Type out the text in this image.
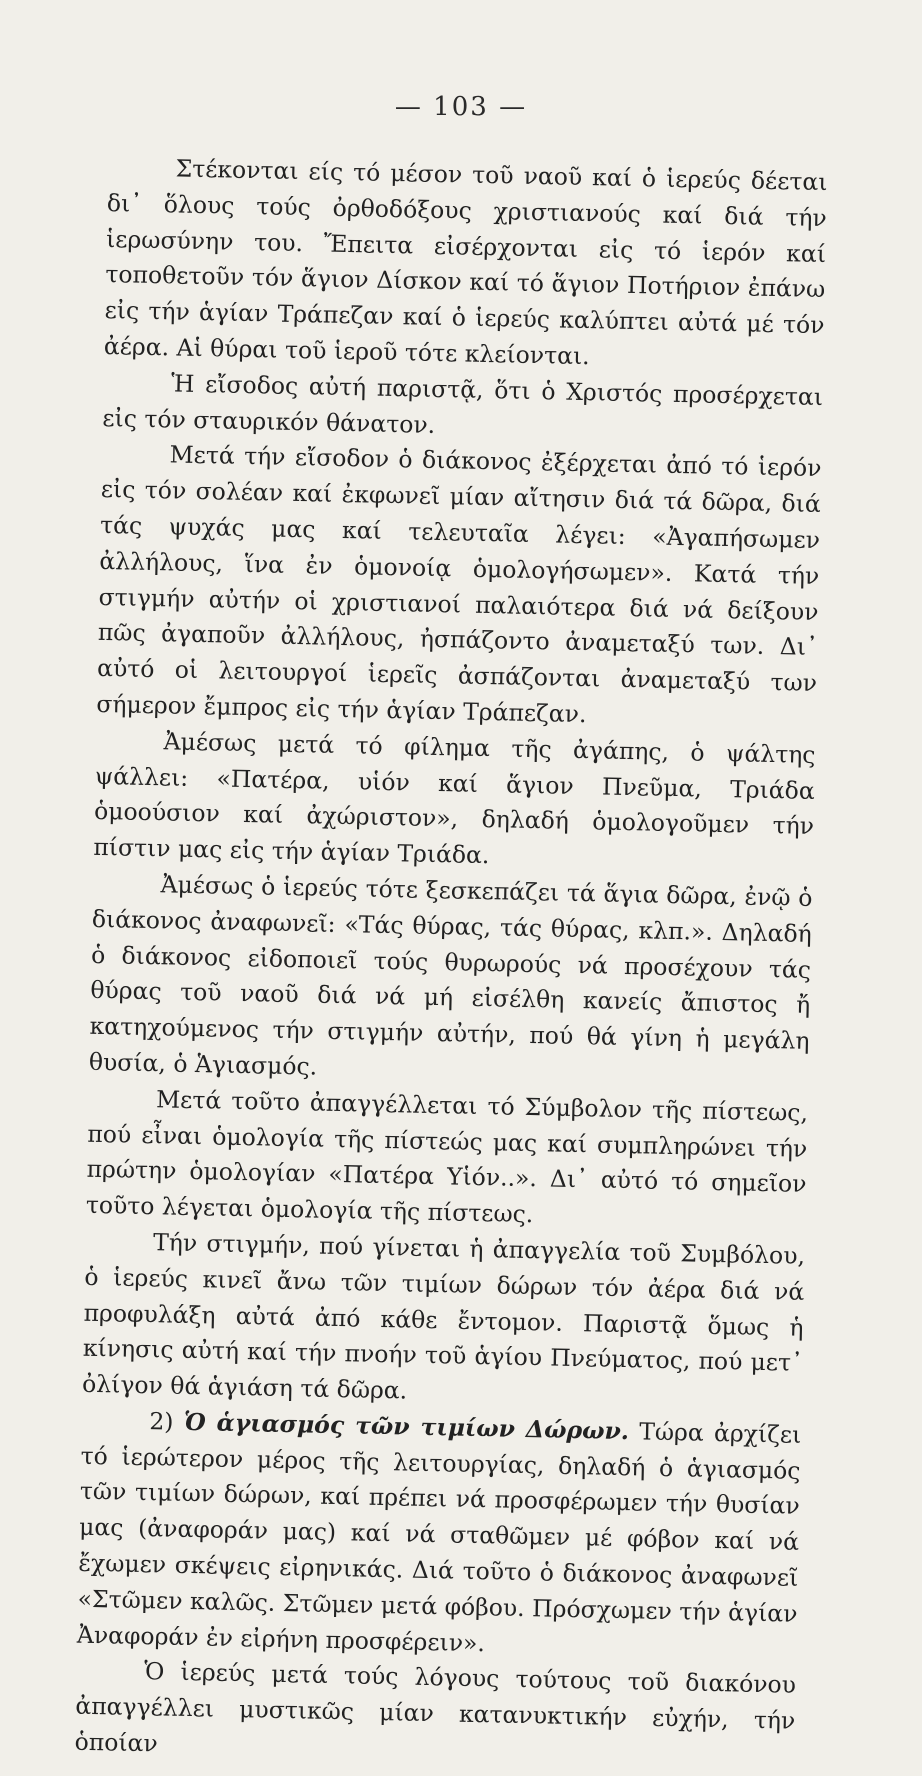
— 103 —

Στέκονται είς τό μέσον τοῦ ναοῦ καί ὁ ἱερεύς δέεται δι᾽ ὅλους τούς ὀρθοδόξους χριστιανούς καί διά τήν ἱερωσύνην του. Ἔπειτα εἰσέρχονται εἰς τό ἱερόν καί τοποθετοῦν τόν ἅγιον Δίσκον καί τό ἅγιον Ποτήριον ἐπάνω εἰς τήν ἁγίαν Τράπεζαν καί ὁ ἱερεύς καλύπτει αὐτά μέ τόν ἀέρα. Αἱ θύραι τοῦ ἱεροῦ τότε κλείονται.

Ἡ εἴσοδος αὐτή παριστᾷ, ὅτι ὁ Χριστός προσέρχεται εἰς τόν σταυρικόν θάνατον.

Μετά τήν εἴσοδον ὁ διάκονος ἐξέρχεται ἀπό τό ἱερόν εἰς τόν σολέαν καί ἐκφωνεῖ μίαν αἴτησιν διά τά δῶρα, διά τάς ψυχάς μας καί τελευταῖα λέγει: «Ἀγαπήσωμεν ἀλλήλους, ἵνα ἐν ὁμονοίᾳ ὁμολογήσωμεν». Κατά τήν στιγμήν αὐτήν οἱ χριστιανοί παλαιότερα διά νά δείξουν πῶς ἀγαποῦν ἀλλήλους, ἠσπάζοντο ἀναμεταξύ των. Δι᾽ αὐτό οἱ λειτουργοί ἱερεῖς ἀσπάζονται ἀναμεταξύ των σήμερον ἔμπρος εἰς τήν ἁγίαν Τράπεζαν.

Ἀμέσως μετά τό φίλημα τῆς ἀγάπης, ὁ ψάλτης ψάλλει: «Πατέρα, υἱόν καί ἅγιον Πνεῦμα, Τριάδα ὁμοούσιον καί ἀχώριστον», δηλαδή ὁμολογοῦμεν τήν πίστιν μας εἰς τήν ἁγίαν Τριάδα.

Ἀμέσως ὁ ἱερεύς τότε ξεσκεπάζει τά ἅγια δῶρα, ἐνῷ ὁ διάκονος ἀναφωνεῖ: «Τάς θύρας, τάς θύρας, κλπ.». Δηλαδή ὁ διάκονος εἰδοποιεῖ τούς θυρωρούς νά προσέχουν τάς θύρας τοῦ ναοῦ διά νά μή εἰσέλθη κανείς ἄπιστος ἤ κατηχούμενος τήν στιγμήν αὐτήν, πού θά γίνη ἡ μεγάλη θυσία, ὁ Ἁγιασμός.

Μετά τοῦτο ἀπαγγέλλεται τό Σύμβολον τῆς πίστεως, πού εἶναι ὁμολογία τῆς πίστεώς μας καί συμπληρώνει τήν πρώτην ὁμολογίαν «Πατέρα Υἱόν..». Δι᾽ αὐτό τό σημεῖον τοῦτο λέγεται ὁμολογία τῆς πίστεως.

Τήν στιγμήν, πού γίνεται ἡ ἀπαγγελία τοῦ Συμβόλου, ὁ ἱερεύς κινεῖ ἄνω τῶν τιμίων δώρων τόν ἀέρα διά νά προφυλάξη αὐτά ἀπό κάθε ἔντομον. Παριστᾷ ὅμως ἡ κίνησις αὐτή καί τήν πνοήν τοῦ ἁγίου Πνεύματος, πού μετ᾽ ὀλίγον θά ἁγιάση τά δῶρα.

2) Ὁ ἁγιασμός τῶν τιμίων Δώρων. Τώρα ἀρχίζει τό ἱερώτερον μέρος τῆς λειτουργίας, δηλαδή ὁ ἁγιασμός τῶν τιμίων δώρων, καί πρέπει νά προσφέρωμεν τήν θυσίαν μας (ἀναφοράν μας) καί νά σταθῶμεν μέ φόβον καί νά ἔχωμεν σκέψεις εἰρηνικάς. Διά τοῦτο ὁ διάκονος ἀναφωνεῖ «Στῶμεν καλῶς. Στῶμεν μετά φόβου. Πρόσχωμεν τήν ἁγίαν Ἀναφοράν ἐν εἰρήνη προσφέρειν».

Ὁ ἱερεύς μετά τούς λόγους τούτους τοῦ διακόνου ἀπαγγέλλει μυστικῶς μίαν κατανυκτικήν εὐχήν, τήν ὁποίαν
